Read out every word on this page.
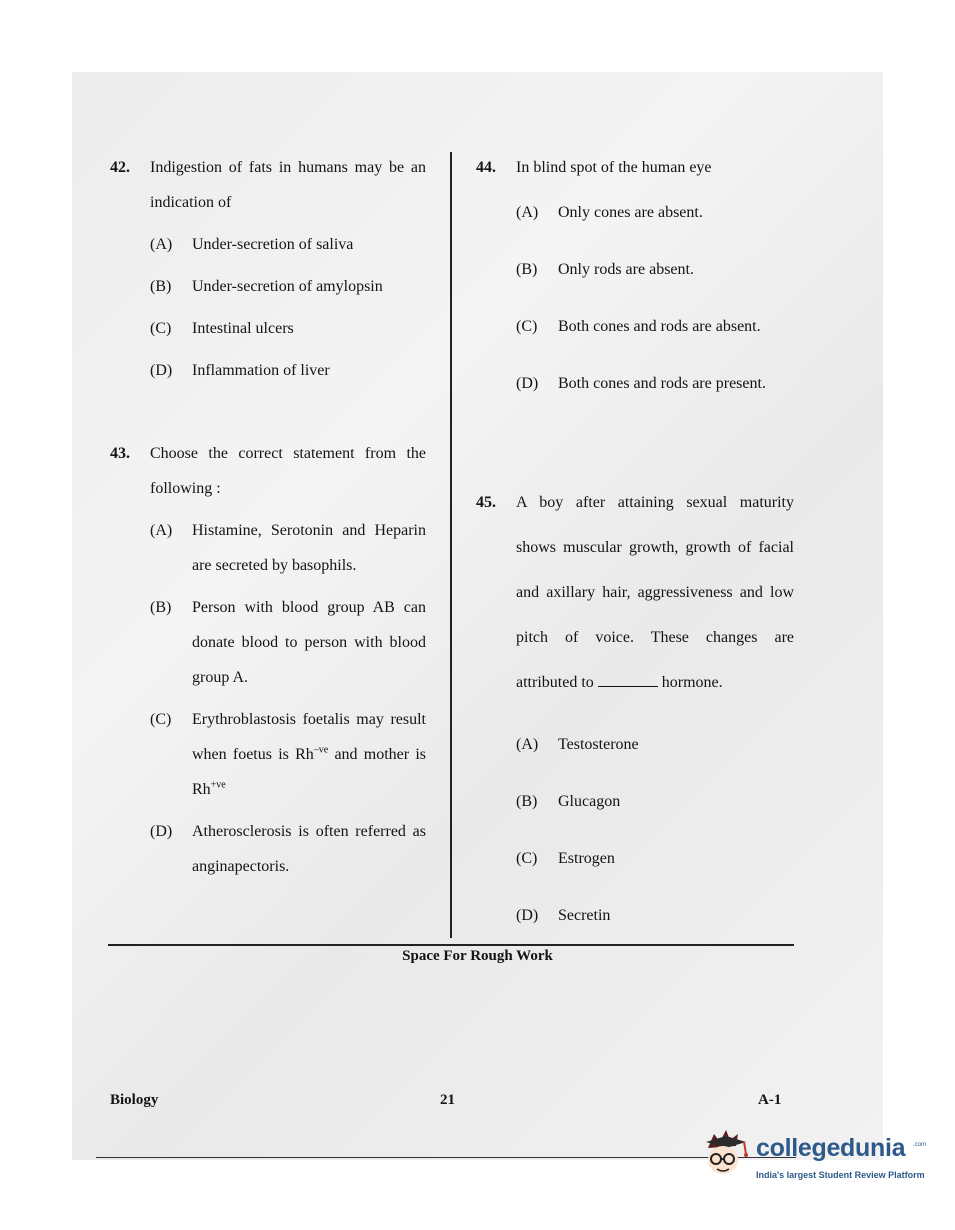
42. Indigestion of fats in humans may be an indication of
(A) Under-secretion of saliva
(B) Under-secretion of amylopsin
(C) Intestinal ulcers
(D) Inflammation of liver
43. Choose the correct statement from the following :
(A) Histamine, Serotonin and Heparin are secreted by basophils.
(B) Person with blood group AB can donate blood to person with blood group A.
(C) Erythroblastosis foetalis may result when foetus is $Rh^{-ve}$ and mother is $Rh^{+ve}$
(D) Atherosclerosis is often referred as anginapectoris.
44. In blind spot of the human eye
(A) Only cones are absent.
(B) Only rods are absent.
(C) Both cones and rods are absent.
(D) Both cones and rods are present.
45. A boy after attaining sexual maturity shows muscular growth, growth of facial and axillary hair, aggressiveness and low pitch of voice. These changes are attributed to	hormone.
(A) Testosterone
(B) Glucagon
(C) Estrogen
(D) Secretin
Space For Rough Work
Biology	21	A-1
collegedunia .com
India's largest Student Review Platform
